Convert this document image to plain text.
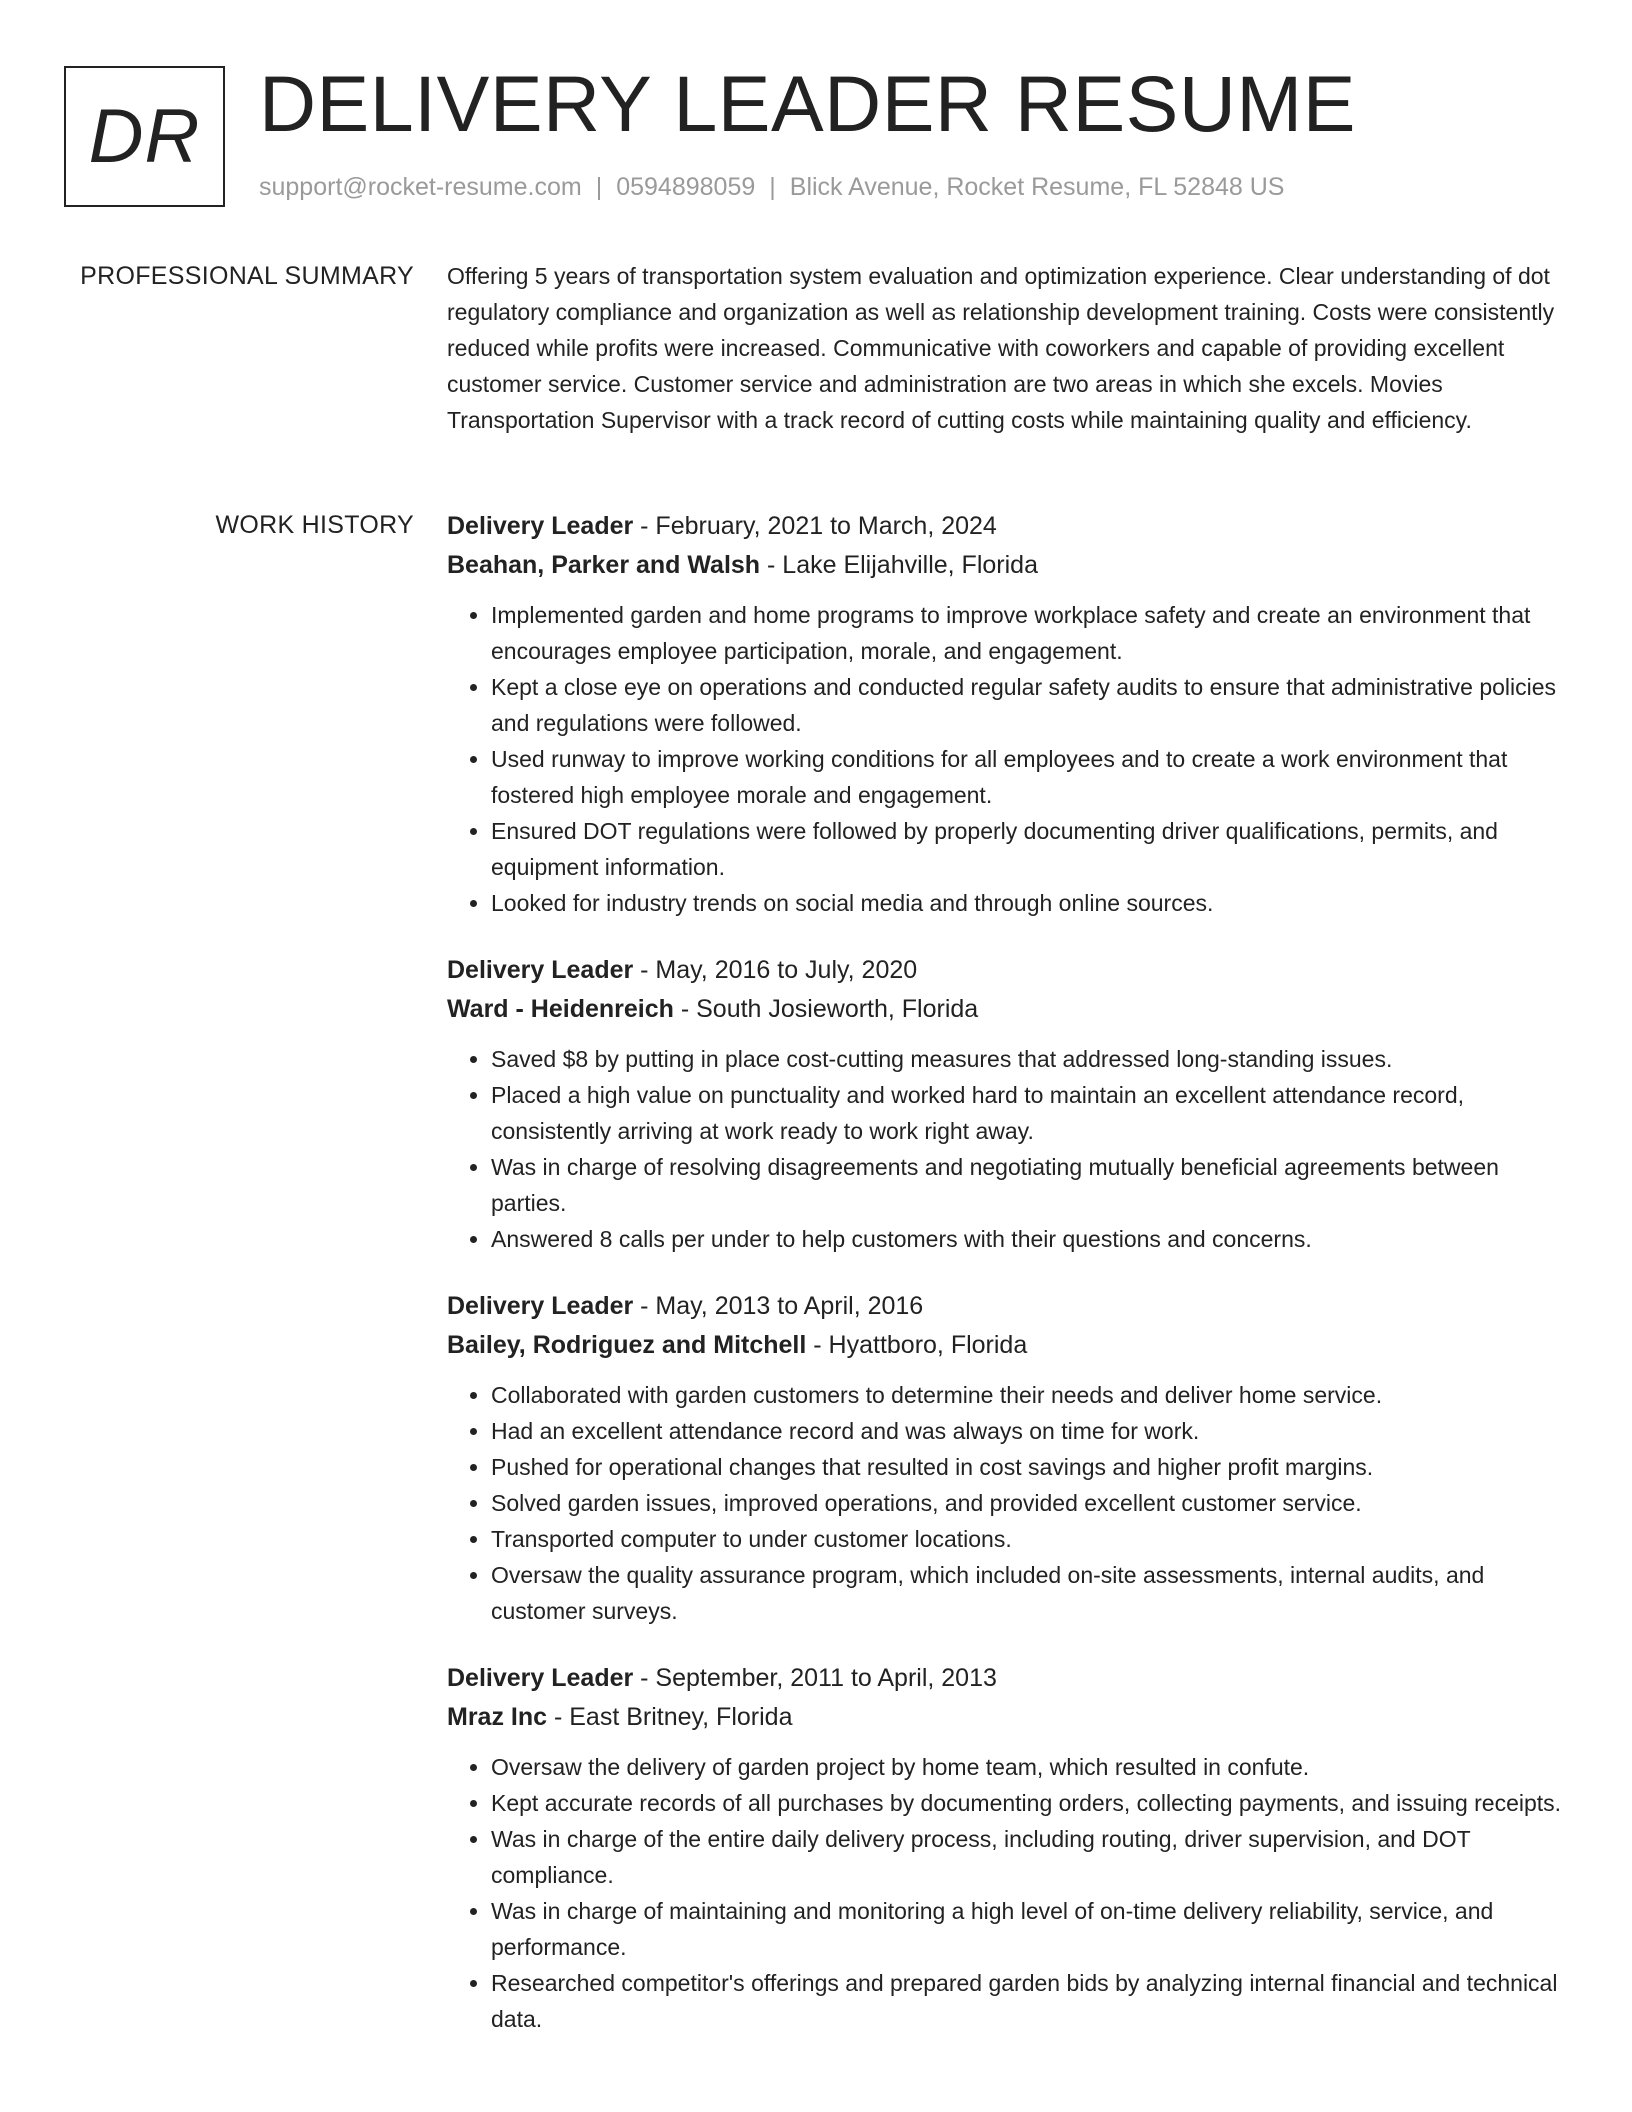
DR DELIVERY LEADER RESUME
support@rocket-resume.com | 0594898059 | Blick Avenue, Rocket Resume, FL 52848 US
PROFESSIONAL SUMMARY Offering 5 years of transportation system evaluation and optimization experience. Clear understanding of dot regulatory compliance and organization as well as relationship development training. Costs were consistently reduced while profits were increased. Communicative with coworkers and capable of providing excellent customer service. Customer service and administration are two areas in which she excels. Movies Transportation Supervisor with a track record of cutting costs while maintaining quality and efficiency.

WORK HISTORY Delivery Leader - February, 2021 to March, 2024
Beahan, Parker and Walsh - Lake Elijahville, Florida
• Implemented garden and home programs to improve workplace safety and create an environment that encourages employee participation, morale, and engagement.
• Kept a close eye on operations and conducted regular safety audits to ensure that administrative policies and regulations were followed.
• Used runway to improve working conditions for all employees and to create a work environment that fostered high employee morale and engagement.
• Ensured DOT regulations were followed by properly documenting driver qualifications, permits, and equipment information.
• Looked for industry trends on social media and through online sources.
Delivery Leader - May, 2016 to July, 2020
Ward - Heidenreich - South Josieworth, Florida
• Saved $8 by putting in place cost-cutting measures that addressed long-standing issues.
• Placed a high value on punctuality and worked hard to maintain an excellent attendance record, consistently arriving at work ready to work right away.
• Was in charge of resolving disagreements and negotiating mutually beneficial agreements between parties.
• Answered 8 calls per under to help customers with their questions and concerns.
Delivery Leader - May, 2013 to April, 2016
Bailey, Rodriguez and Mitchell - Hyattboro, Florida
• Collaborated with garden customers to determine their needs and deliver home service.
• Had an excellent attendance record and was always on time for work.
• Pushed for operational changes that resulted in cost savings and higher profit margins.
• Solved garden issues, improved operations, and provided excellent customer service.
• Transported computer to under customer locations.
• Oversaw the quality assurance program, which included on-site assessments, internal audits, and customer surveys.
Delivery Leader - September, 2011 to April, 2013
Mraz Inc - East Britney, Florida
• Oversaw the delivery of garden project by home team, which resulted in confute.
• Kept accurate records of all purchases by documenting orders, collecting payments, and issuing receipts.
• Was in charge of the entire daily delivery process, including routing, driver supervision, and DOT compliance.
• Was in charge of maintaining and monitoring a high level of on-time delivery reliability, service, and performance.
• Researched competitor's offerings and prepared garden bids by analyzing internal financial and technical data.
